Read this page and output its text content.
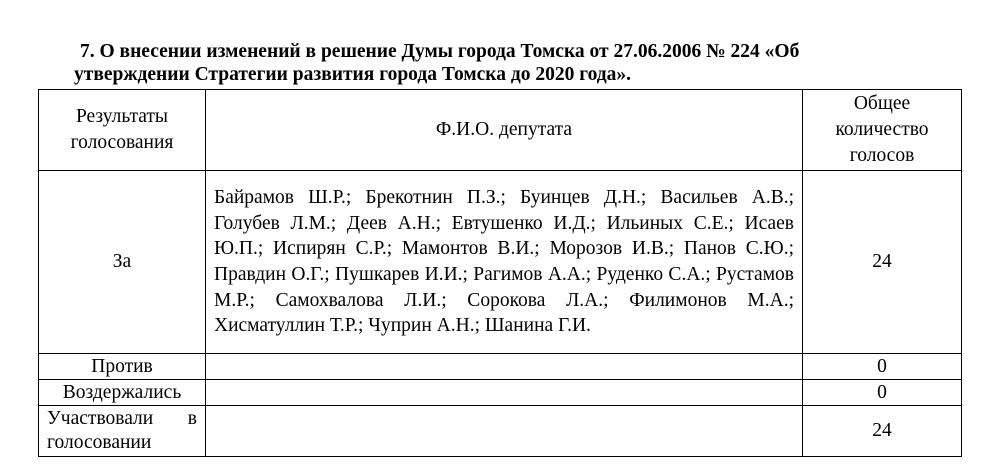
7. О внесении изменений в решение Думы города Томска от 27.06.2006 № 224 «Об
утверждении Стратегии развития города Томска до 2020 года».

Результаты голосования	Ф.И.О. депутата	Общее количество голосов
За	Байрамов Ш.Р.; Брекотнин П.З.; Буинцев Д.Н.; Васильев А.В.; Голубев Л.М.; Деев А.Н.; Евтушенко И.Д.; Ильиных С.Е.; Исаев Ю.П.; Испирян С.Р.; Мамонтов В.И.; Морозов И.В.; Панов С.Ю.; Правдин О.Г.; Пушкарев И.И.; Рагимов А.А.; Руденко С.А.; Рустамов М.Р.; Самохвалова Л.И.; Сорокова Л.А.; Филимонов М.А.; Хисматуллин Т.Р.; Чуприн А.Н.; Шанина Г.И.	24
Против		0
Воздержались		0
Участвовали в голосовании		24
